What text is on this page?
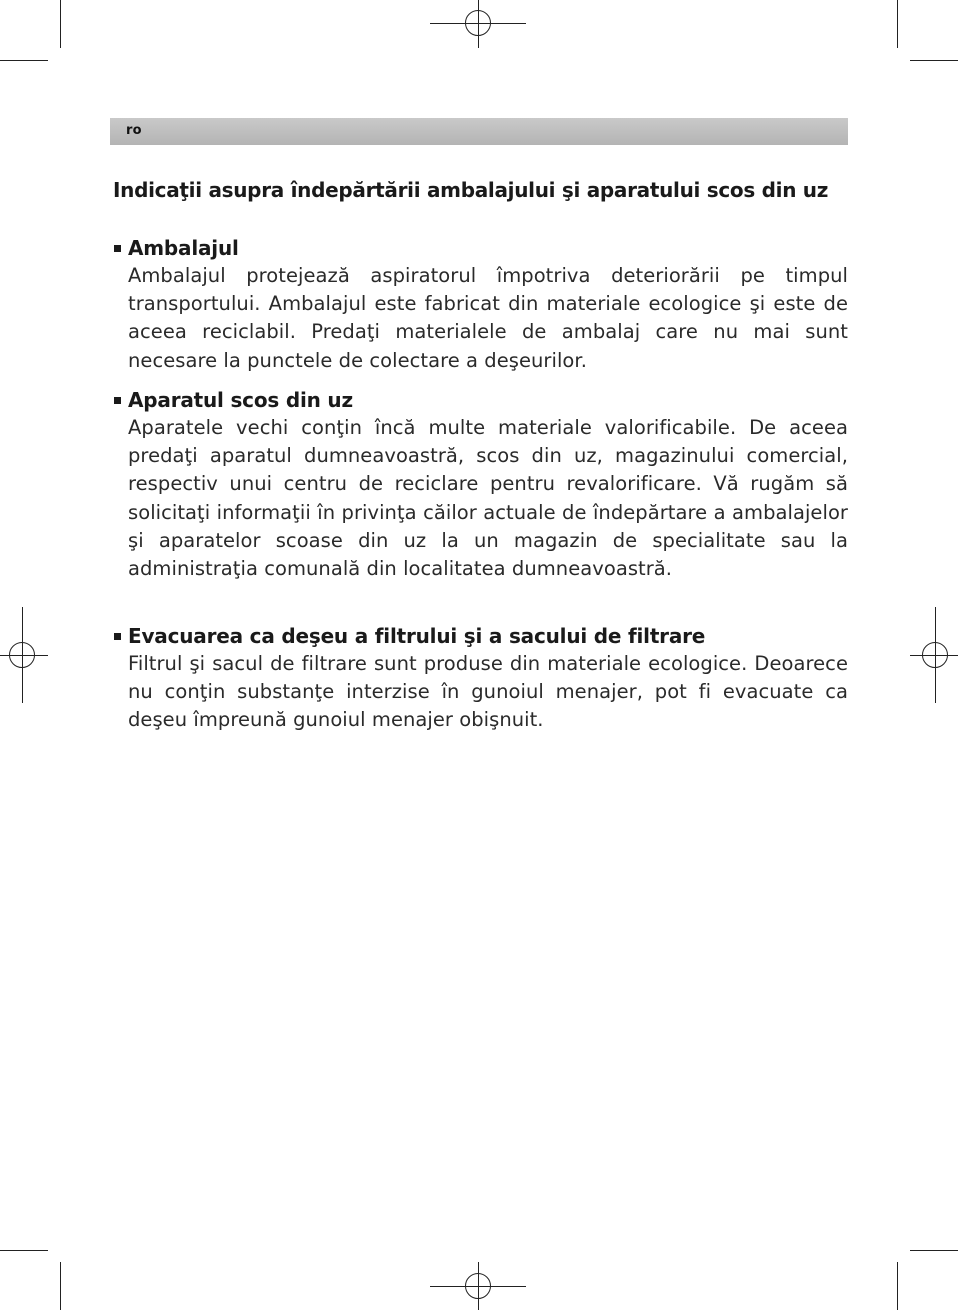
ro
Indicaţii asupra îndepărtării ambalajului şi aparatului scos din uz
Ambalajul

Ambalajul protejează aspiratorul împotriva deteriorării pe timpul transportului. Ambalajul este fabricat din materiale ecologice şi este de aceea reciclabil. Predaţi materialele de ambalaj care nu mai sunt necesare la punctele de colectare a deşeurilor.

Aparatul scos din uz

Aparatele vechi conţin încă multe materiale valorificabile. De aceea predaţi aparatul dumneavoastră, scos din uz, magazinului comercial, respectiv unui centru de reciclare pentru revalorificare. Vă rugăm să solicitaţi informaţii în privinţa căilor actuale de îndepărtare a ambalajelor şi aparatelor scoase din uz la un magazin de specialitate sau la administraţia comunală din localitatea dumneavoastră.

Evacuarea ca deşeu a filtrului şi a sacului de filtrare

Filtrul şi sacul de filtrare sunt produse din materiale ecologice. Deoarece nu conţin substanţe interzise în gunoiul menajer, pot fi evacuate ca deşeu împreună gunoiul menajer obişnuit.
